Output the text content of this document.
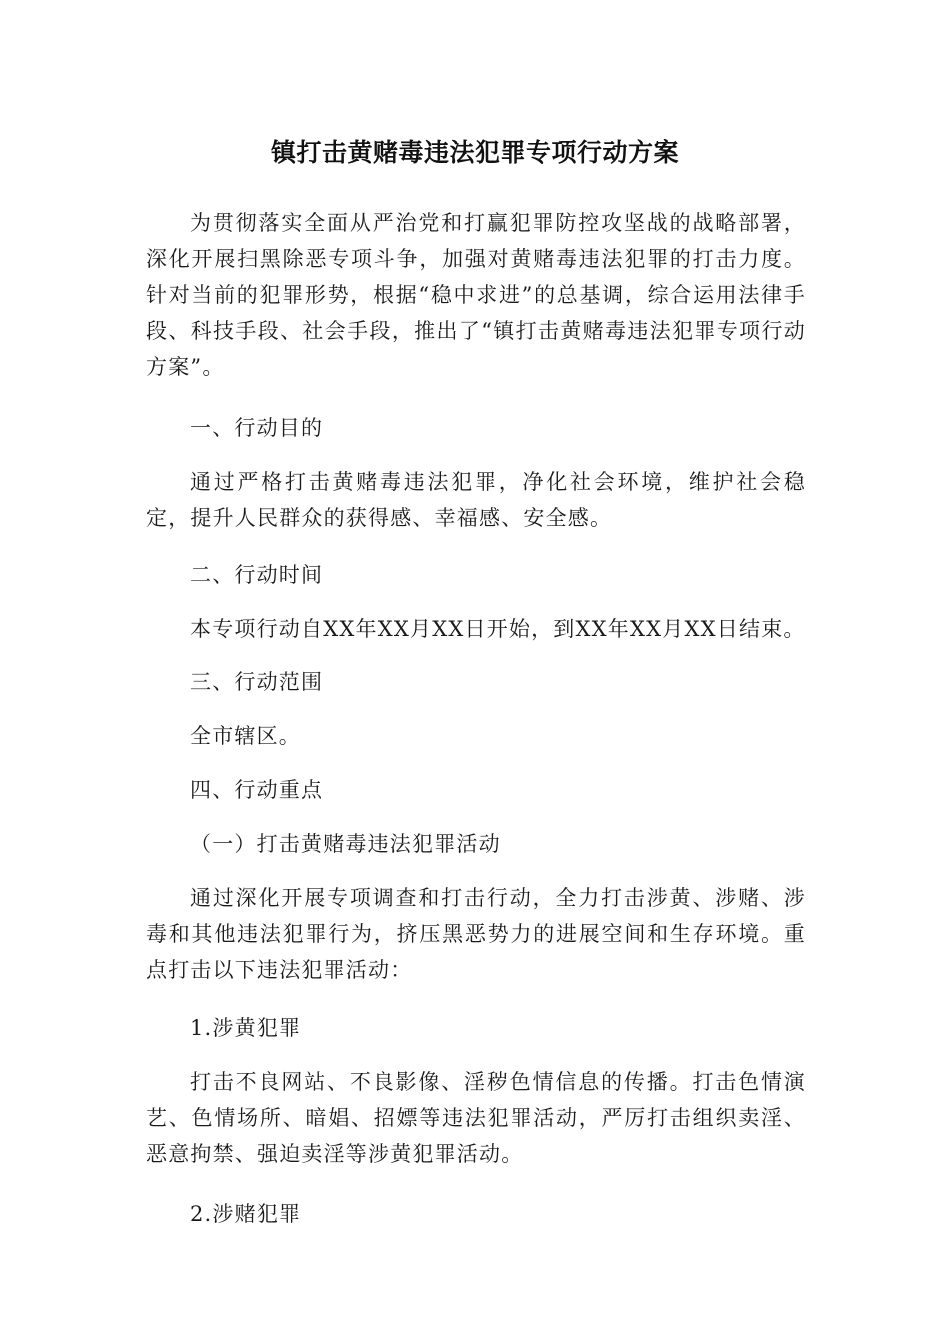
镇打击黄赌毒违法犯罪专项行动方案
为贯彻落实全面从严治党和打赢犯罪防控攻坚战的战略部署，深化开展扫黑除恶专项斗争，加强对黄赌毒违法犯罪的打击力度。针对当前的犯罪形势，根据“稳中求进”的总基调，综合运用法律手段、科技手段、社会手段，推出了“镇打击黄赌毒违法犯罪专项行动方案”。
一、行动目的
通过严格打击黄赌毒违法犯罪，净化社会环境，维护社会稳定，提升人民群众的获得感、幸福感、安全感。
二、行动时间
本专项行动自XX年XX月XX日开始，到XX年XX月XX日结束。
三、行动范围
全市辖区。
四、行动重点
（一）打击黄赌毒违法犯罪活动
通过深化开展专项调查和打击行动，全力打击涉黄、涉赌、涉毒和其他违法犯罪行为，挤压黑恶势力的进展空间和生存环境。重点打击以下违法犯罪活动：
1.涉黄犯罪
打击不良网站、不良影像、淫秽色情信息的传播。打击色情演艺、色情场所、暗娼、招嫖等违法犯罪活动，严厉打击组织卖淫、恶意拘禁、强迫卖淫等涉黄犯罪活动。
2.涉赌犯罪
